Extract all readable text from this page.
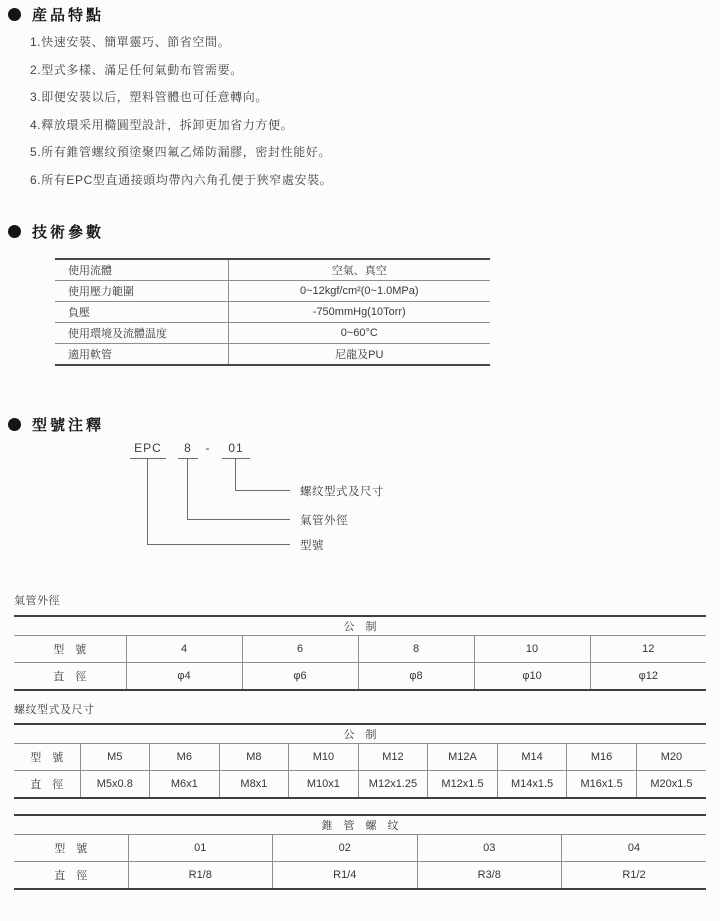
産品特點
1.快速安裝、簡單靈巧、節省空間。
2.型式多樣、滿足任何氣動布管需要。
3.即便安裝以后，塑料管體也可任意轉向。
4.釋放環采用橢圓型設計，拆卸更加省力方便。
5.所有錐管螺纹預塗聚四氟乙烯防漏膠，密封性能好。
6.所有EPC型直通接頭均帶內六角孔便于狹窄處安裝。
技術參數
使用流體	空氣、真空
使用壓力範圍	0~12kgf/cm²(0~1.0MPa)
負壓	-750mmHg(10Torr)
使用環境及流體温度	0~60°C
適用軟管	尼龍及PU
型號注釋
EPC	8	-	01
螺纹型式及尺寸
氣管外徑
型號
氣管外徑
公　制					
型　號	4	6	8	10	12
直　徑	φ4	φ6	φ8	φ10	φ12
螺纹型式及尺寸
公　制									
型　號	M5	M6	M8	M10	M12	M12A	M14	M16	M20
直　徑	M5x0.8	M6x1	M8x1	M10x1	M12x1.25	M12x1.5	M14x1.5	M16x1.5	M20x1.5
錐　管　螺　纹				
型　號	01	02	03	04
直　徑	R1/8	R1/4	R3/8	R1/2
